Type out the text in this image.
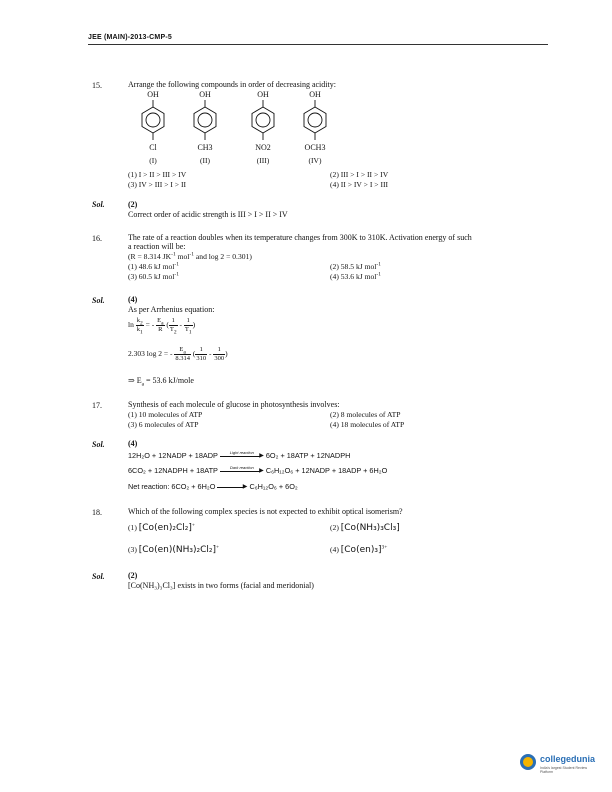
JEE (MAIN)-2013-CMP-5
15.	Arrange the following compounds in order of decreasing acidity:
OH
Cl
(I)
OH
CH3
(II)
OH
NO2
(III)
OH
OCH3
(IV)
(1) I > II > III > IV	(2) III > I > II > IV
(3) IV > III > I > II	(4) II > IV > I > III
Sol.	(2)
Correct order of acidic strength is III > I > II > IV
16.	The rate of a reaction doubles when its temperature changes from 300K to 310K. Activation energy of such
a reaction will be:
(R = 8.314 $JK^{-1}$ mol$^{-1}$ and log 2 = 0.301)
(1) 48.6 kJ mol$^{-1}$	(2) 58.5 kJ mol$^{-1}$
(3) 60.5 kJ mol$^{-1}$	(4) 53.6 kJ mol$^{-1}$
Sol.	(4)
As per Arrhenius equation:
$\ln \frac{k_2}{k_1}$ = - $\frac{E_a}{R}$ ( $\frac{1}{T_2} - \frac{1}{T_1}$ )
2.303 log 2 = - $\frac{E_a}{8.314}$ ( $\frac{1}{310} - \frac{1}{300}$ )
⇒ $E_a = 53.6$ kJ/mole
17.	Synthesis of each molecule of glucose in photosynthesis involves:
(1) 10 molecules of ATP	(2) 8 molecules of ATP
(3) 6 molecules of ATP	(4) 18 molecules of ATP
Sol.	(4)
12H₂O + 12NADP + 18ADP	Light reaction
▶ 6O₂ + 18ATP + 12NADPH
6CO₂ + 12NADPH + 18ATP	Dark reaction
▶ C₆H₁₂O₆ + 12NADP + 18ADP + 6H₂O
Net reaction: 6CO₂ + 6H₂O	▶ C₆H₁₂O₆ + 6O₂
18.	Which of the following complex species is not expected to exhibit optical isomerism?
(1) [Co(en)₂Cl₂]+	(2) [Co(NH₃)₃Cl₃]
(3) [Co(en)(NH₃)₂Cl₂]+	(4) $[Co(en)_3]^{3+}$
Sol.	(2)
[Co(NH₃)₃Cl₃] exists in two forms (facial and meridonial)
collegedunia
India's largest Student Review Platform
